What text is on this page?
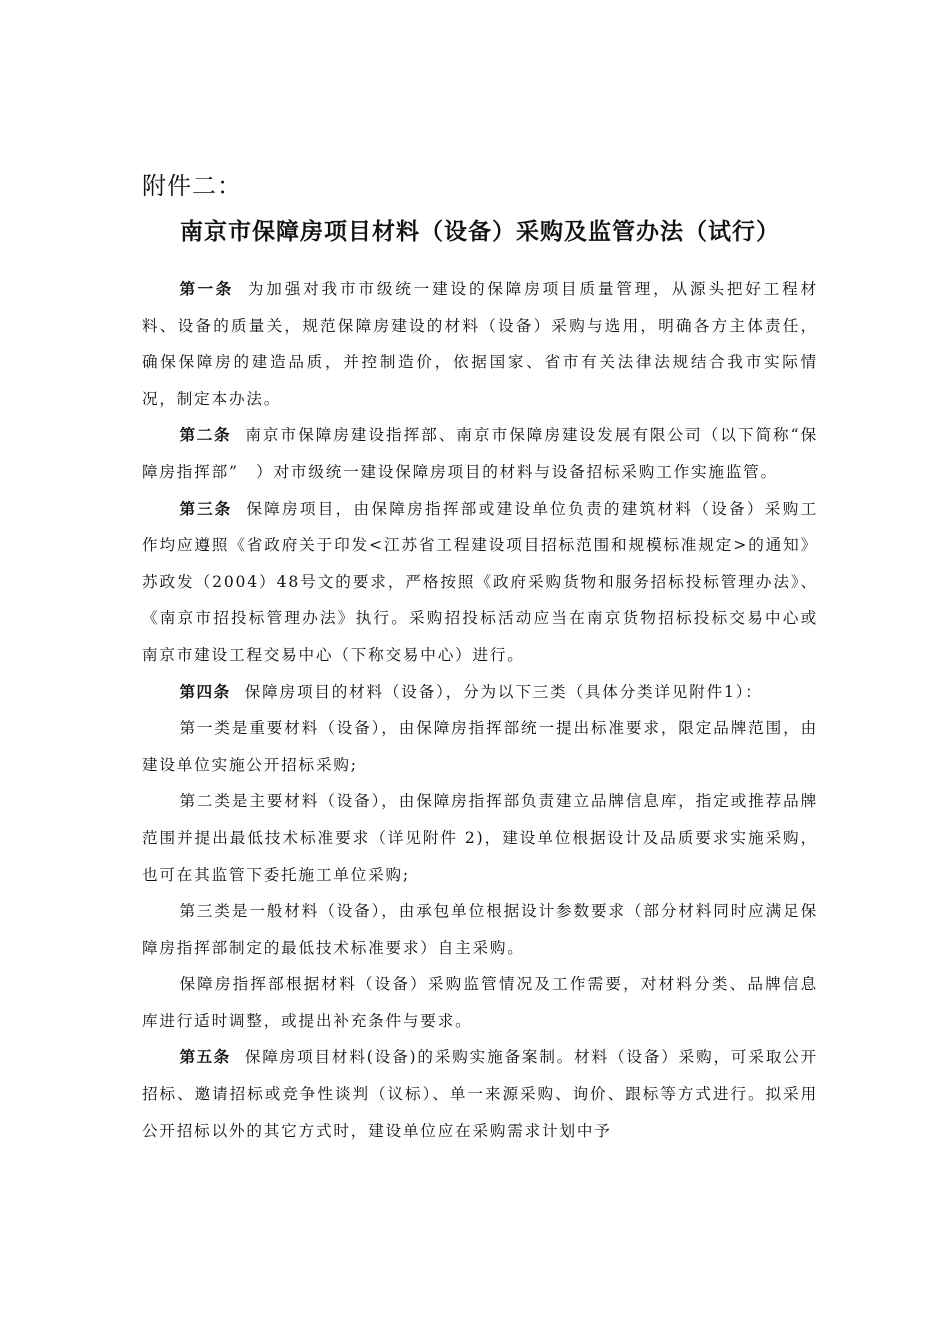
附件二：
南京市保障房项目材料（设备）采购及监管办法（试行）

第一条 为加强对我市市级统一建设的保障房项目质量管理，从源头把好工程材料、设备的质量关，规范保障房建设的材料（设备）采购与选用，明确各方主体责任，确保保障房的建造品质，并控制造价，依据国家、省市有关法律法规结合我市实际情况，制定本办法。

第二条 南京市保障房建设指挥部、南京市保障房建设发展有限公司（以下简称“保障房指挥部”　）对市级统一建设保障房项目的材料与设备招标采购工作实施监管。

第三条 保障房项目，由保障房指挥部或建设单位负责的建筑材料（设备）采购工作均应遵照《省政府关于印发<江苏省工程建设项目招标范围和规模标准规定>的通知》苏政发（2004）48号文的要求，严格按照《政府采购货物和服务招标投标管理办法》、《南京市招投标管理办法》执行。采购招投标活动应当在南京货物招标投标交易中心或南京市建设工程交易中心（下称交易中心）进行。

第四条 保障房项目的材料（设备），分为以下三类（具体分类详见附件1）：

第一类是重要材料（设备），由保障房指挥部统一提出标准要求，限定品牌范围，由建设单位实施公开招标采购;

第二类是主要材料（设备），由保障房指挥部负责建立品牌信息库，指定或推荐品牌范围并提出最低技术标准要求（详见附件 2)，建设单位根据设计及品质要求实施采购，也可在其监管下委托施工单位采购;

第三类是一般材料（设备），由承包单位根据设计参数要求（部分材料同时应满足保障房指挥部制定的最低技术标准要求）自主采购。

保障房指挥部根据材料（设备）采购监管情况及工作需要，对材料分类、品牌信息库进行适时调整，或提出补充条件与要求。

第五条 保障房项目材料(设备)的采购实施备案制。材料（设备）采购，可采取公开招标、邀请招标或竞争性谈判（议标）、单一来源采购、询价、跟标等方式进行。拟采用公开招标以外的其它方式时，建设单位应在采购需求计划中予
